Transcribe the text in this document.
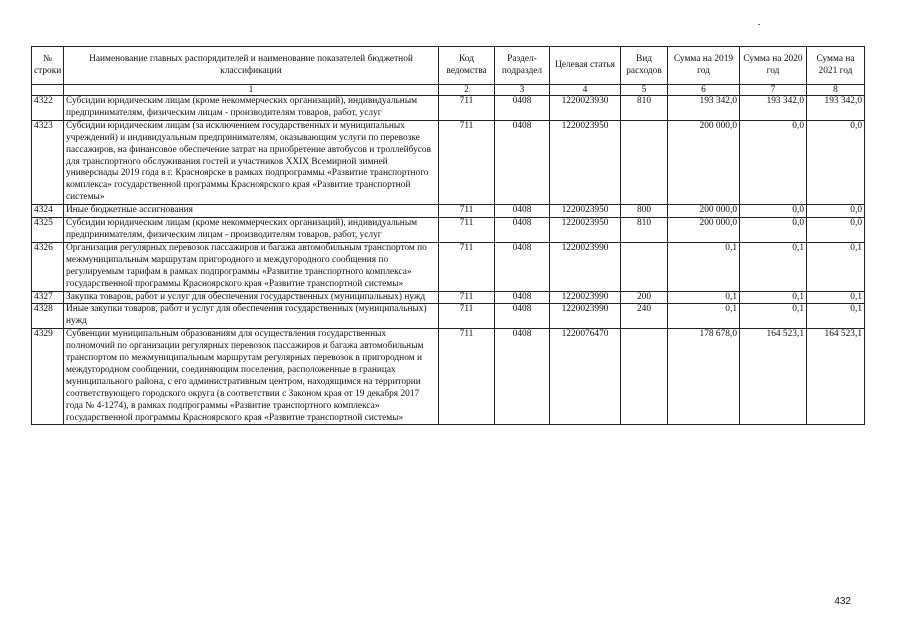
№ строки	Наименование главных распорядителей и наименование показателей бюджетной классификации	Код ведомства	Раздел-подраздел	Целевая статья	Вид расходов	Сумма на 2019 год	Сумма на 2020 год	Сумма на 2021 год
	1	2	3	4	5	6	7	8
4322	Субсидии юридическим лицам (кроме некоммерческих организаций), индивидуальным предпринимателям, физическим лицам - производителям товаров, работ, услуг	711	0408	1220023930	810	193 342,0	193 342,0	193 342,0
4323	Субсидии юридическим лицам (за исключением государственных и муниципальных учреждений) и индивидуальным предпринимателям, оказывающим услуги по перевозке пассажиров, на финансовое обеспечение затрат на приобретение автобусов и троллейбусов для транспортного обслуживания гостей и участников XXIX Всемирной зимней универсиады 2019 года в г. Красноярске в рамках подпрограммы «Развитие транспортного комплекса» государственной программы Красноярского края «Развитие транспортной системы»	711	0408	1220023950		200 000,0	0,0	0,0
4324	Иные бюджетные ассигнования	711	0408	1220023950	800	200 000,0	0,0	0,0
4325	Субсидии юридическим лицам (кроме некоммерческих организаций), индивидуальным предпринимателям, физическим лицам - производителям товаров, работ, услуг	711	0408	1220023950	810	200 000,0	0,0	0,0
4326	Организация регулярных перевозок пассажиров и багажа автомобильным транспортом по межмуниципальным маршрутам пригородного и междугородного сообщения по регулируемым тарифам в рамках подпрограммы «Развитие транспортного комплекса» государственной программы Красноярского края «Развитие транспортной системы»	711	0408	1220023990		0,1	0,1	0,1
4327	Закупка товаров, работ и услуг для обеспечения государственных (муниципальных) нужд	711	0408	1220023990	200	0,1	0,1	0,1
4328	Иные закупки товаров, работ и услуг для обеспечения государственных (муниципальных) нужд	711	0408	1220023990	240	0,1	0,1	0,1
4329	Субвенции муниципальным образованиям для осуществления государственных полномочий по организации регулярных перевозок пассажиров и багажа автомобильным транспортом по межмуниципальным маршрутам регулярных перевозок в пригородном и междугородном сообщении, соединяющим поселения, расположенные в границах муниципального района, с его административным центром, находящимся на территории соответствующего городского округа (в соответствии с Законом края от 19 декабря 2017 года № 4-1274), в рамках подпрограммы «Развитие транспортного комплекса» государственной программы Красноярского края «Развитие транспортной системы»	711	0408	1220076470		178 678,0	164 523,1	164 523,1
432
